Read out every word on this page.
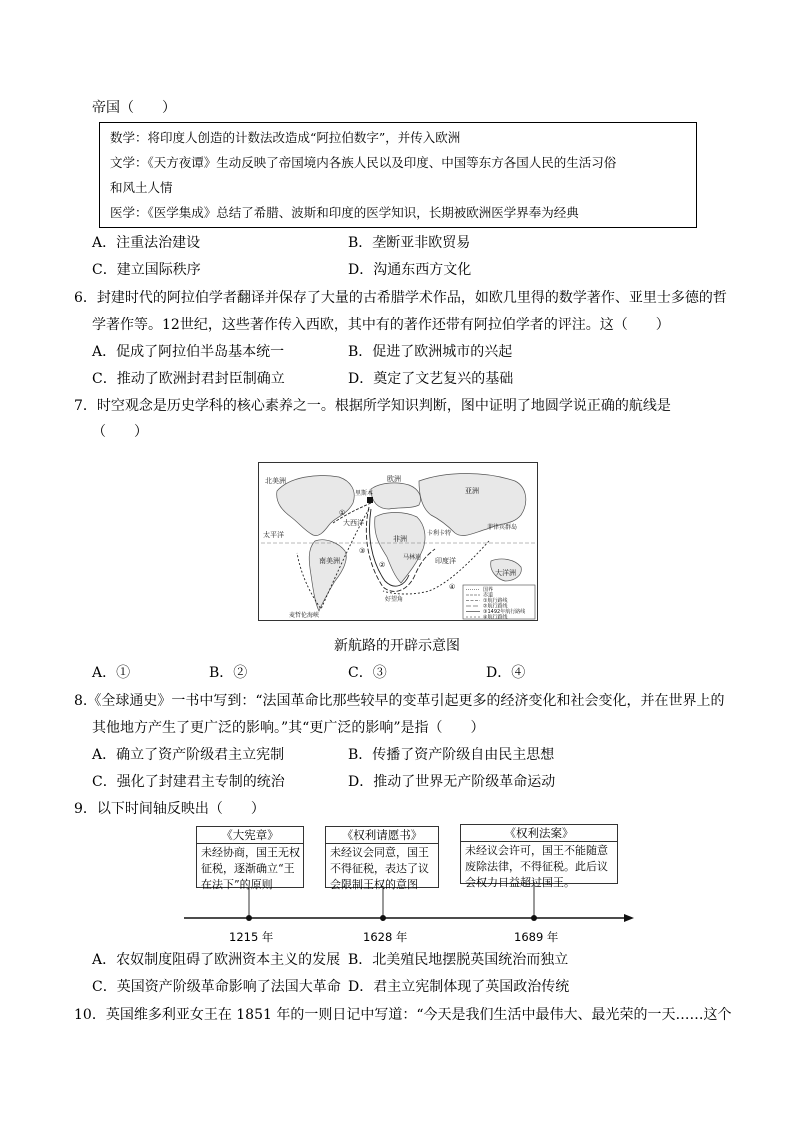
帝国（　　）
数学：将印度人创造的计数法改造成“阿拉伯数字”，并传入欧洲
文学：《天方夜谭》生动反映了帝国境内各族人民以及印度、中国等东方各国人民的生活习俗
和风土人情
医学：《医学集成》总结了希腊、波斯和印度的医学知识，长期被欧洲医学界奉为经典
A．注重法治建设	B．垄断亚非欧贸易
C．建立国际秩序	D．沟通东西方文化
6．封建时代的阿拉伯学者翻译并保存了大量的古希腊学术作品，如欧几里得的数学著作、亚里士多德的哲
学著作等。12世纪，这些著作传入西欧，其中有的著作还带有阿拉伯学者的评注。这（　　）
A．促成了阿拉伯半岛基本统一	B．促进了欧洲城市的兴起
C．推动了欧洲封君封臣制确立	D．奠定了文艺复兴的基础
7．时空观念是历史学科的核心素养之一。根据所学知识判断，图中证明了地圆学说正确的航线是
（　　）
北美洲
太平洋
欧洲
亚洲
非洲
南美洲
大西洋
印度洋
大洋洲
里斯本
卡利卡特
马林迪
好望角
麦哲伦海峡
菲律宾群岛
①
②
③
④	国界
赤道
①航行路线
②航行路线
③1492年航行路线
④航行路线
新航路的开辟示意图
A．①	B．②	C．③	D．④
8.《全球通史》一书中写到：“法国革命比那些较早的变革引起更多的经济变化和社会变化，并在世界上的
其他地方产生了更广泛的影响。”其“更广泛的影响”是指（　　）
A．确立了资产阶级君主立宪制	B．传播了资产阶级自由民主思想
C．强化了封建君主专制的统治	D．推动了世界无产阶级革命运动
9．以下时间轴反映出（　　）
《大宪章》
未经协商，国王无权征税，逐渐确立“王在法下”的原则
《权利请愿书》
未经议会同意，国王不得征税，表达了议会限制王权的意图
《权利法案》
未经议会许可，国王不能随意废除法律，不得征税。此后议会权力日益超过国王。
1215 年	1628 年	1689 年
A．农奴制度阻碍了欧洲资本主义的发展 B．北美殖民地摆脱英国统治而独立
C．英国资产阶级革命影响了法国大革命 D．君主立宪制体现了英国政治传统
10．英国维多利亚女王在 1851 年的一则日记中写道：“今天是我们生活中最伟大、最光荣的一天……这个
